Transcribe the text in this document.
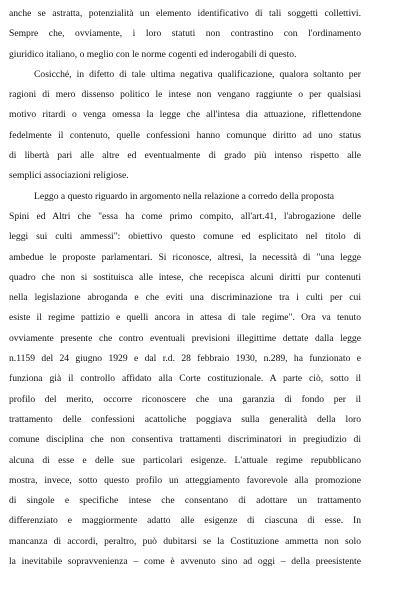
anche se astratta, potenzialità un elemento identificativo di tali soggetti collettivi.
Sempre che, ovviamente, i loro statuti non contrastino con l'ordinamento
giuridico italiano, o meglio con le norme cogenti ed inderogabili di questo.
Cosicché, in difetto di tale ultima negativa qualificazione, qualora soltanto per
ragioni di mero dissenso politico le intese non vengano raggiunte o per qualsiasi
motivo ritardi o venga omessa la legge che all'intesa dia attuazione, riflettendone
fedelmente il contenuto, quelle confessioni hanno comunque diritto ad uno status
di libertà pari alle altre ed eventualmente di grado più intenso rispetto alle
semplici associazioni religiose.
Leggo a questo riguardo in argomento nella relazione a corredo della proposta
Spini ed Altri che "essa ha come primo compito, all'art.41, l'abrogazione delle
leggi sui culti ammessi": obiettivo questo comune ed esplicitato nel titolo di
ambedue le proposte parlamentari. Si riconosce, altresì, la necessità di "una legge
quadro che non si sostituisca alle intese, che recepisca alcuni diritti pur contenuti
nella legislazione abroganda e che eviti una discriminazione tra i culti per cui
esiste il regime pattizio e quelli ancora in attesa di tale regime". Ora va tenuto
ovviamente presente che contro eventuali previsioni illegittime dettate dalla legge
n.1159 del 24 giugno 1929 e dal r.d. 28 febbraio 1930, n.289, ha funzionato e
funziona già il controllo affidato alla Corte costituzionale. A parte ciò, sotto il
profilo del merito, occorre riconoscere che una garanzia di fondo per il
trattamento delle confessioni acattoliche poggiava sulla generalità della loro
comune disciplina che non consentiva trattamenti discriminatori in pregiudizio di
alcuna di esse e delle sue particolari esigenze. L'attuale regime repubblicano
mostra, invece, sotto questo profilo un atteggiamento favorevole alla promozione
di singole e specifiche intese che consentano di adottare un trattamento
differenziato e maggiormente adatto alle esigenze di ciascuna di esse. In
mancanza di accordi, peraltro, può dubitarsi se la Costituzione ammetta non solo
la inevitabile sopravvenienza – come è avvenuto sino ad oggi – della preesistente
